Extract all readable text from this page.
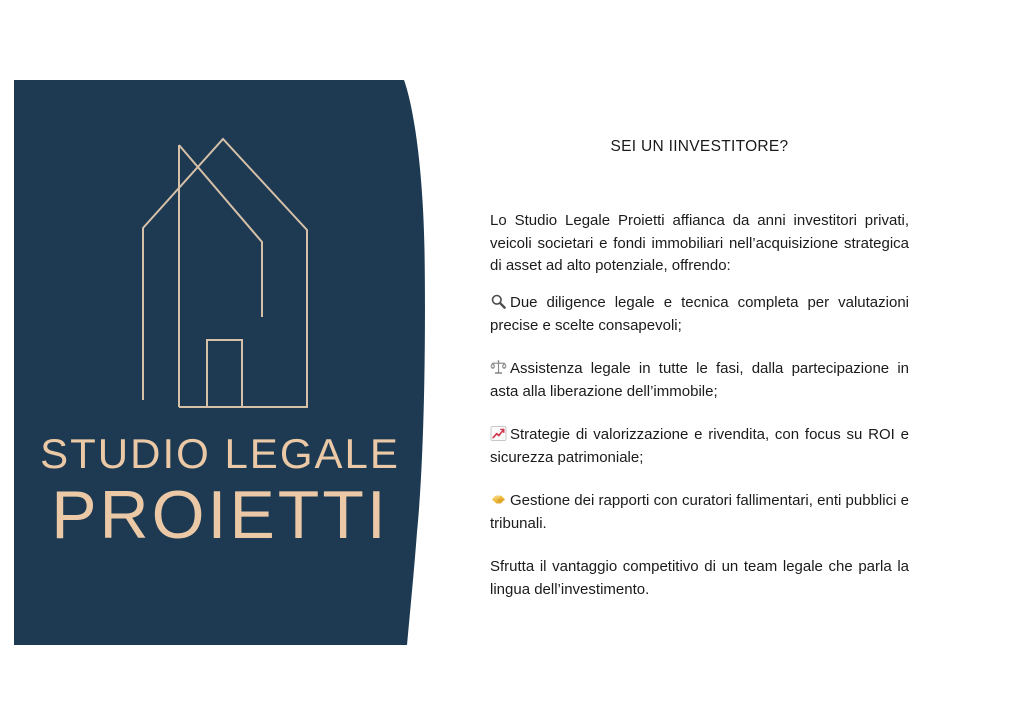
STUDIO LEGALE
PROIETTI
SEI UN IINVESTITORE?

Lo Studio Legale Proietti affianca da anni investitori privati, veicoli societari e fondi immobiliari nell’acquisizione strategica di asset ad alto potenziale, offrendo:

Due diligence legale e tecnica completa per valutazioni precise e scelte consapevoli;

Assistenza legale in tutte le fasi, dalla partecipazione in asta alla liberazione dell’immobile;

Strategie di valorizzazione e rivendita, con focus su ROI e sicurezza patrimoniale;

Gestione dei rapporti con curatori fallimentari, enti pubblici e tribunali.

Sfrutta il vantaggio competitivo di un team legale che parla la lingua dell’investimento.
